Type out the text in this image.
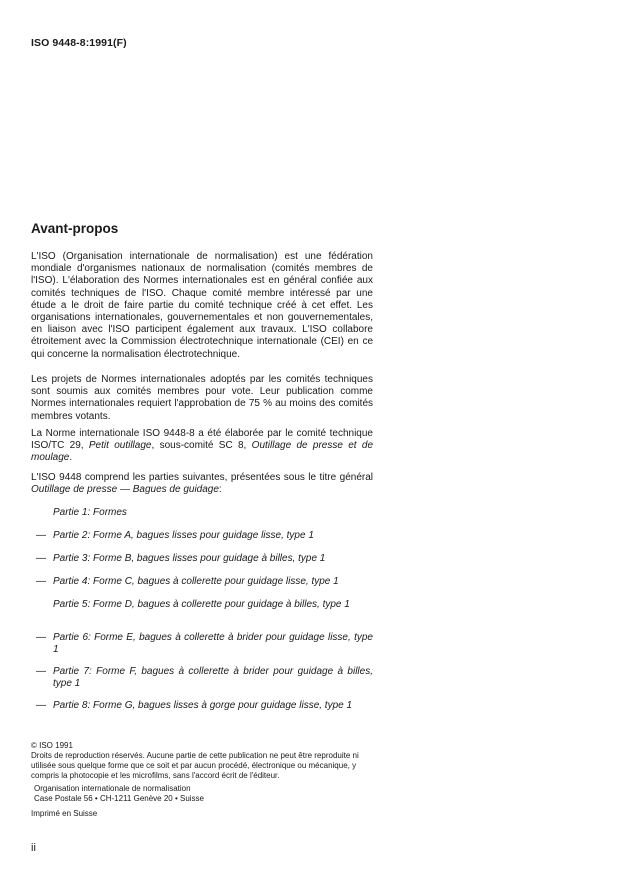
ISO 9448-8:1991(F)
Avant-propos
L'ISO (Organisation internationale de normalisation) est une fédération mondiale d'organismes nationaux de normalisation (comités membres de l'ISO). L'élaboration des Normes internationales est en général confiée aux comités techniques de l'ISO. Chaque comité membre intéressé par une étude a le droit de faire partie du comité technique créé à cet effet. Les organisations internationales, gouvernementales et non gouvernementales, en liaison avec l'ISO participent également aux travaux. L'ISO collabore étroitement avec la Commission électrotechnique internationale (CEI) en ce qui concerne la normalisation électrotechnique.
Les projets de Normes internationales adoptés par les comités techniques sont soumis aux comités membres pour vote. Leur publication comme Normes internationales requiert l'approbation de 75 % au moins des comités membres votants.
La Norme internationale ISO 9448-8 a été élaborée par le comité technique ISO/TC 29, Petit outillage, sous-comité SC 8, Outillage de presse et de moulage.
L'ISO 9448 comprend les parties suivantes, présentées sous le titre général Outillage de presse — Bagues de guidage:
Partie 1: Formes
— Partie 2: Forme A, bagues lisses pour guidage lisse, type 1
— Partie 3: Forme B, bagues lisses pour guidage à billes, type 1
— Partie 4: Forme C, bagues à collerette pour guidage lisse, type 1
Partie 5: Forme D, bagues à collerette pour guidage à billes, type 1
— Partie 6: Forme E, bagues à collerette à brider pour guidage lisse, type 1
— Partie 7: Forme F, bagues à collerette à brider pour guidage à billes, type 1
— Partie 8: Forme G, bagues lisses à gorge pour guidage lisse, type 1
© ISO 1991
Droits de reproduction réservés. Aucune partie de cette publication ne peut être reproduite ni utilisée sous quelque forme que ce soit et par aucun procédé, électronique ou mécanique, y compris la photocopie et les microfilms, sans l'accord écrit de l'éditeur.
Organisation internationale de normalisation
Case Postale 56 • CH-1211 Genève 20 • Suisse
Imprimé en Suisse
ii
